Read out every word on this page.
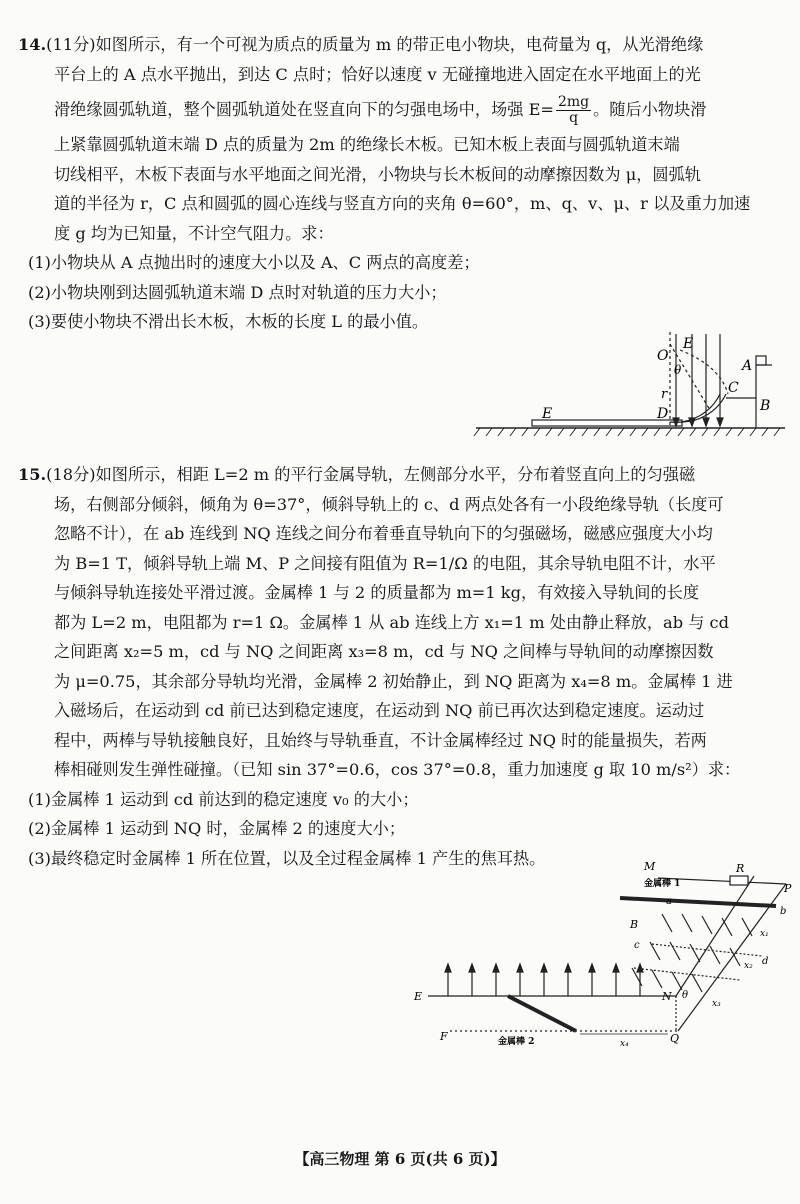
14.(11分)如图所示，有一个可视为质点的质量为 m 的带正电小物块，电荷量为 q，从光滑绝缘

平台上的 A 点水平抛出，到达 C 点时；恰好以速度 v 无碰撞地进入固定在水平地面上的光

滑绝缘圆弧轨道，整个圆弧轨道处在竖直向下的匀强电场中，场强 $E= \frac{2mg}{q}$ 。随后小物块滑

上紧靠圆弧轨道末端 D 点的质量为 2m 的绝缘长木板。已知木板上表面与圆弧轨道末端

切线相平，木板下表面与水平地面之间光滑，小物块与长木板间的动摩擦因数为 μ，圆弧轨

道的半径为 r，C 点和圆弧的圆心连线与竖直方向的夹角 θ=60°，m、q、v、μ、r 以及重力加速

度 g 均为已知量，不计空气阻力。求：

(1)小物块从 A 点抛出时的速度大小以及 A、C 两点的高度差；

(2)小物块刚到达圆弧轨道末端 D 点时对轨道的压力大小；

(3)要使小物块不滑出长木板，木板的长度 L 的最小值。

O
E
r
θ	A
B
C
D
E

15.(18分)如图所示，相距 L=2 m 的平行金属导轨，左侧部分水平，分布着竖直向上的匀强磁

场，右侧部分倾斜，倾角为 θ=37°，倾斜导轨上的 c、d 两点处各有一小段绝缘导轨（长度可

忽略不计），在 ab 连线到 NQ 连线之间分布着垂直导轨向下的匀强磁场，磁感应强度大小均

为 B=1 T，倾斜导轨上端 M、P 之间接有阻值为 R=1/Ω 的电阻，其余导轨电阻不计，水平

与倾斜导轨连接处平滑过渡。金属棒 1 与 2 的质量都为 m=1 kg，有效接入导轨间的长度

都为 L=2 m，电阻都为 r=1 Ω。金属棒 1 从 ab 连线上方 x₁=1 m 处由静止释放，ab 与 cd

之间距离 x₂=5 m，cd 与 NQ 之间距离 x₃=8 m，cd 与 NQ 之间棒与导轨间的动摩擦因数

为 μ=0.75，其余部分导轨均光滑，金属棒 2 初始静止，到 NQ 距离为 x₄=8 m。金属棒 1 进

入磁场后，在运动到 cd 前已达到稳定速度，在运动到 NQ 前已再次达到稳定速度。运动过

程中，两棒与导轨接触良好，且始终与导轨垂直，不计金属棒经过 NQ 时的能量损失，若两

棒相碰则发生弹性碰撞。（已知 sin 37°=0.6，cos 37°=0.8，重力加速度 g 取 10 m/s²）求：

(1)金属棒 1 运动到 cd 前达到的稳定速度 v₀ 的大小；

(2)金属棒 1 运动到 NQ 时，金属棒 2 的速度大小；

(3)最终稳定时金属棒 1 所在位置，以及全过程金属棒 1 产生的焦耳热。	M	R
P
金属棒 1
金属棒 2
a
b
c
d
B
E
F
N
Q
θ
x₄
x₁
x₂
x₃
【高三物理 第 6 页(共 6 页)】
